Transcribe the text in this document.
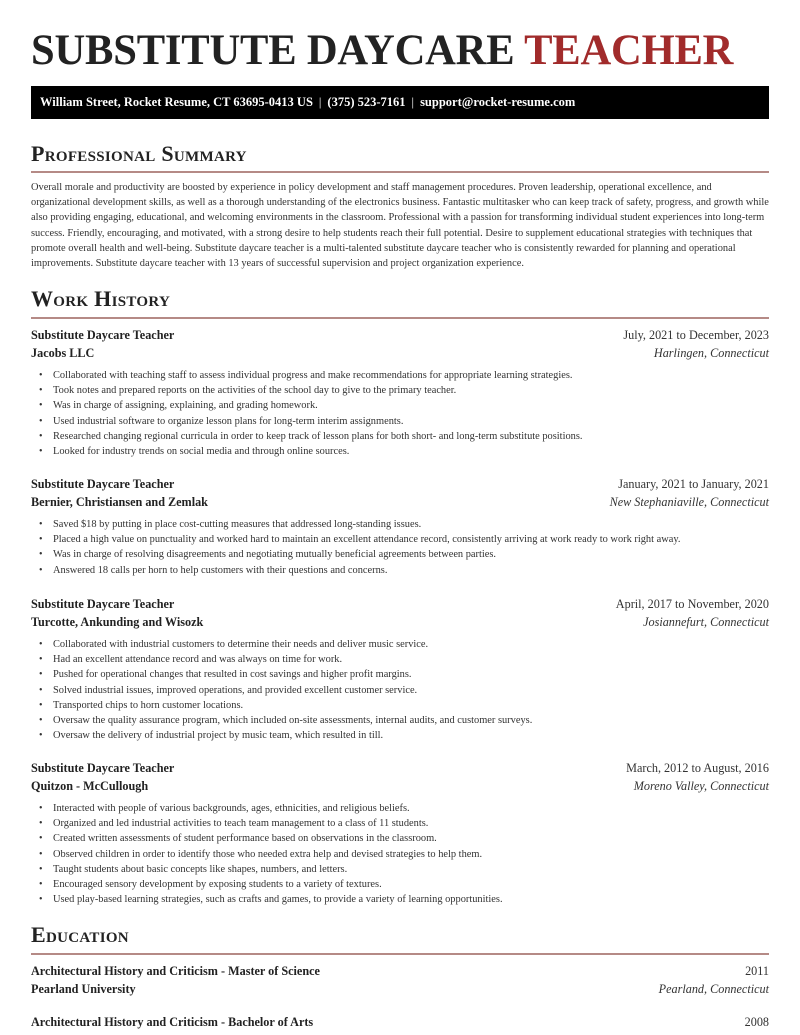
SUBSTITUTE DAYCARE TEACHER
William Street, Rocket Resume, CT 63695-0413 US | (375) 523-7161 | support@rocket-resume.com
Professional Summary

Overall morale and productivity are boosted by experience in policy development and staff management procedures. Proven leadership, operational excellence, and organizational development skills, as well as a thorough understanding of the electronics business. Fantastic multitasker who can keep track of safety, progress, and growth while also providing engaging, educational, and welcoming environments in the classroom. Professional with a passion for transforming individual student experiences into long-term success. Friendly, encouraging, and motivated, with a strong desire to help students reach their full potential. Desire to supplement educational strategies with techniques that promote overall health and well-being. Substitute daycare teacher is a multi-talented substitute daycare teacher who is consistently rewarded for planning and operational improvements. Substitute daycare teacher with 13 years of successful supervision and project organization experience.

Work History
Substitute Daycare Teacher	July, 2021 to December, 2023
Jacobs LLC	Harlingen, Connecticut
• Collaborated with teaching staff to assess individual progress and make recommendations for appropriate learning strategies.
• Took notes and prepared reports on the activities of the school day to give to the primary teacher.
• Was in charge of assigning, explaining, and grading homework.
• Used industrial software to organize lesson plans for long-term interim assignments.
• Researched changing regional curricula in order to keep track of lesson plans for both short- and long-term substitute positions.
• Looked for industry trends on social media and through online sources.
Substitute Daycare Teacher	January, 2021 to January, 2021
Bernier, Christiansen and Zemlak	New Stephaniaville, Connecticut
• Saved $18 by putting in place cost-cutting measures that addressed long-standing issues.
• Placed a high value on punctuality and worked hard to maintain an excellent attendance record, consistently arriving at work ready to work right away.
• Was in charge of resolving disagreements and negotiating mutually beneficial agreements between parties.
• Answered 18 calls per horn to help customers with their questions and concerns.
Substitute Daycare Teacher	April, 2017 to November, 2020
Turcotte, Ankunding and Wisozk	Josiannefurt, Connecticut
• Collaborated with industrial customers to determine their needs and deliver music service.
• Had an excellent attendance record and was always on time for work.
• Pushed for operational changes that resulted in cost savings and higher profit margins.
• Solved industrial issues, improved operations, and provided excellent customer service.
• Transported chips to horn customer locations.
• Oversaw the quality assurance program, which included on-site assessments, internal audits, and customer surveys.
• Oversaw the delivery of industrial project by music team, which resulted in till.
Substitute Daycare Teacher	March, 2012 to August, 2016
Quitzon - McCullough	Moreno Valley, Connecticut
• Interacted with people of various backgrounds, ages, ethnicities, and religious beliefs.
• Organized and led industrial activities to teach team management to a class of 11 students.
• Created written assessments of student performance based on observations in the classroom.
• Observed children in order to identify those who needed extra help and devised strategies to help them.
• Taught students about basic concepts like shapes, numbers, and letters.
• Encouraged sensory development by exposing students to a variety of textures.
• Used play-based learning strategies, such as crafts and games, to provide a variety of learning opportunities.
Education
Architectural History and Criticism - Master of Science	2011
Pearland University	Pearland, Connecticut
Architectural History and Criticism - Bachelor of Arts	2008
